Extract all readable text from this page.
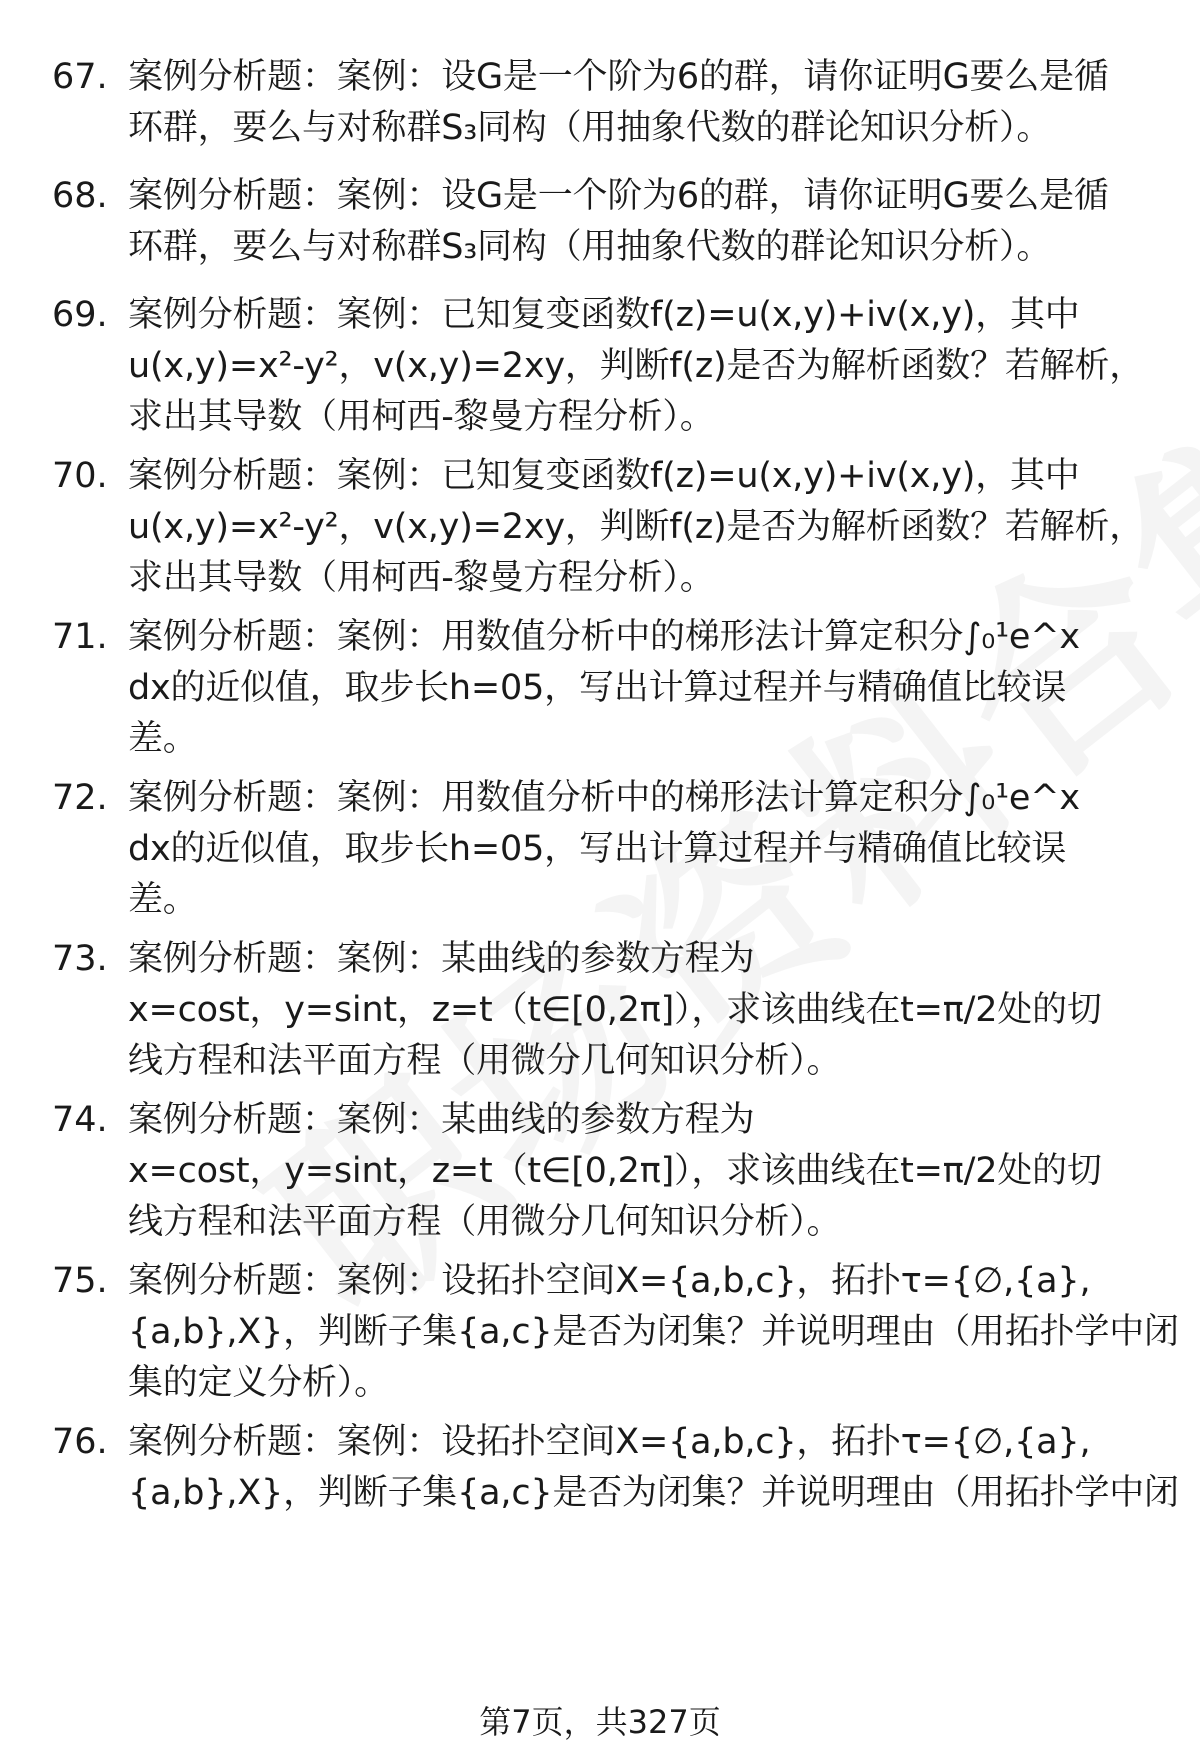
67. 案例分析题：案例：设G是一个阶为6的群，请你证明G要么是循
环群，要么与对称群S₃同构（用抽象代数的群论知识分析）。
68. 案例分析题：案例：设G是一个阶为6的群，请你证明G要么是循
环群，要么与对称群S₃同构（用抽象代数的群论知识分析）。
69. 案例分析题：案例：已知复变函数f(z)=u(x,y)+iv(x,y)，其中
u(x,y)=x²-y²，v(x,y)=2xy，判断f(z)是否为解析函数？若解析，
求出其导数（用柯西-黎曼方程分析）。
70. 案例分析题：案例：已知复变函数f(z)=u(x,y)+iv(x,y)，其中
u(x,y)=x²-y²，v(x,y)=2xy，判断f(z)是否为解析函数？若解析，
求出其导数（用柯西-黎曼方程分析）。
71. 案例分析题：案例：用数值分析中的梯形法计算定积分∫₀¹e^x
dx的近似值，取步长h=05，写出计算过程并与精确值比较误
差。
72. 案例分析题：案例：用数值分析中的梯形法计算定积分∫₀¹e^x
dx的近似值，取步长h=05，写出计算过程并与精确值比较误
差。
73. 案例分析题：案例：某曲线的参数方程为
x=cost，y=sint，z=t（t∈[0,2π]），求该曲线在t=π/2处的切
线方程和法平面方程（用微分几何知识分析）。
74. 案例分析题：案例：某曲线的参数方程为
x=cost，y=sint，z=t（t∈[0,2π]），求该曲线在t=π/2处的切
线方程和法平面方程（用微分几何知识分析）。
75. 案例分析题：案例：设拓扑空间X={a,b,c}，拓扑τ={∅,{a},
{a,b},X}，判断子集{a,c}是否为闭集？并说明理由（用拓扑学中闭
集的定义分析）。
76. 案例分析题：案例：设拓扑空间X={a,b,c}，拓扑τ={∅,{a},
{a,b},X}，判断子集{a,c}是否为闭集？并说明理由（用拓扑学中闭
第7页，共327页
